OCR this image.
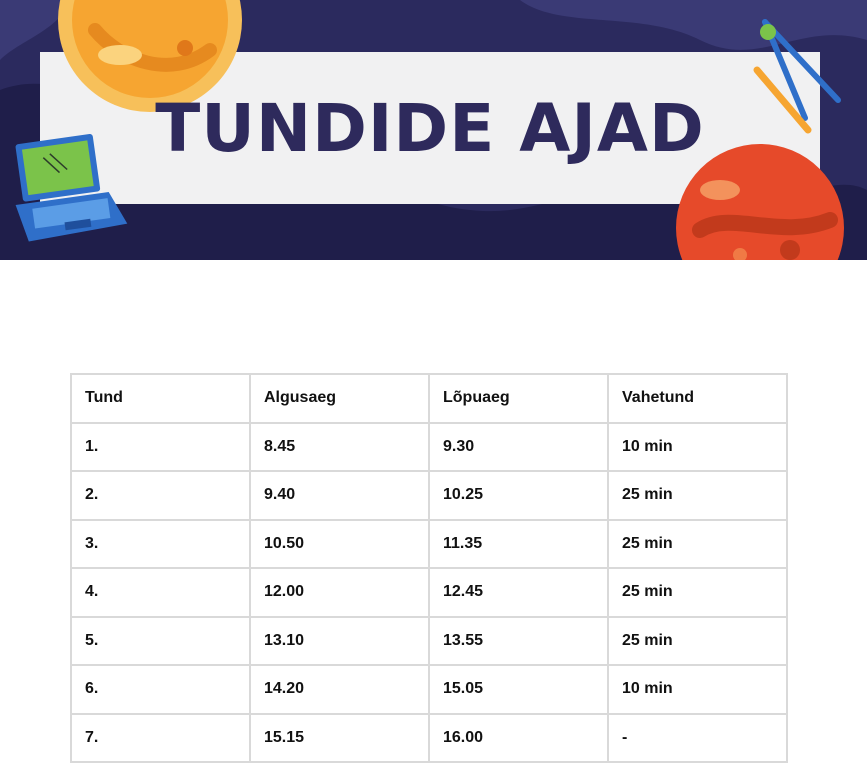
TUNDIDE AJAD
Tund	Algusaeg	Lõpuaeg	Vahetund
1.	8.45	9.30	10 min
2.	9.40	10.25	25 min
3.	10.50	11.35	25 min
4.	12.00	12.45	25 min
5.	13.10	13.55	25 min
6.	14.20	15.05	10 min
7.	15.15	16.00	-
